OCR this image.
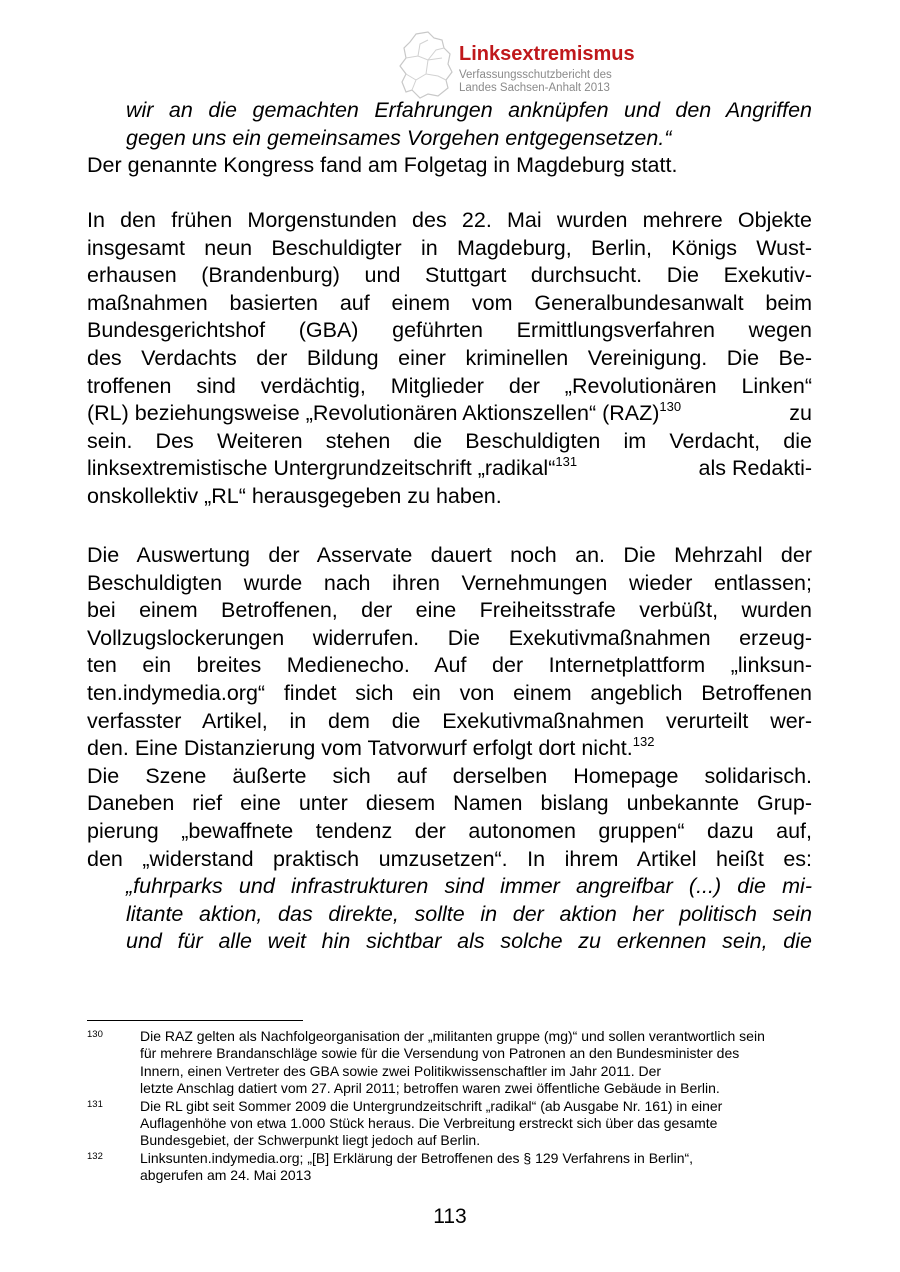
Linksextremismus
Verfassungsschutzbericht des
Landes Sachsen-Anhalt 2013
wir an die gemachten Erfahrungen anknüpfen und den Angriffen
gegen uns ein gemeinsames Vorgehen entgegensetzen.“
Der genannte Kongress fand am Folgetag in Magdeburg statt.
In den frühen Morgenstunden des 22. Mai wurden mehrere Objekte
insgesamt neun Beschuldigter in Magdeburg, Berlin, Königs Wust-
erhausen (Brandenburg) und Stuttgart durchsucht. Die Exekutiv-
maßnahmen basierten auf einem vom Generalbundesanwalt beim
Bundesgerichtshof (GBA) geführten Ermittlungsverfahren wegen
des Verdachts der Bildung einer kriminellen Vereinigung. Die Be-
troffenen sind verdächtig, Mitglieder der „Revolutionären Linken“
(RL) beziehungsweise „Revolutionären Aktionszellen“ (RAZ)$^{130}$	zu
sein. Des Weiteren stehen die Beschuldigten im Verdacht, die
linksextremistische Untergrundzeitschrift „radikal“$^{131}$	als Redakti-
onskollektiv „RL“ herausgegeben zu haben.
Die Auswertung der Asservate dauert noch an. Die Mehrzahl der
Beschuldigten wurde nach ihren Vernehmungen wieder entlassen;
bei einem Betroffenen, der eine Freiheitsstrafe verbüßt, wurden
Vollzugslockerungen widerrufen. Die Exekutivmaßnahmen erzeug-
ten ein breites Medienecho. Auf der Internetplattform „linksun-
ten.indymedia.org“ findet sich ein von einem angeblich Betroffenen
verfasster Artikel, in dem die Exekutivmaßnahmen verurteilt wer-
den. Eine Distanzierung vom Tatvorwurf erfolgt dort nicht.$^{132}$
Die Szene äußerte sich auf derselben Homepage solidarisch.
Daneben rief eine unter diesem Namen bislang unbekannte Grup-
pierung „bewaffnete tendenz der autonomen gruppen“ dazu auf,
den „widerstand praktisch umzusetzen“. In ihrem Artikel heißt es:
„fuhrparks und infrastrukturen sind immer angreifbar (...) die mi-
litante aktion, das direkte, sollte in der aktion her politisch sein
und für alle weit hin sichtbar als solche zu erkennen sein, die
130	Die RAZ gelten als Nachfolgeorganisation der „militanten gruppe (mg)“ und sollen verantwortlich sein
für mehrere Brandanschläge sowie für die Versendung von Patronen an den Bundesminister des
Innern, einen Vertreter des GBA sowie zwei Politikwissenschaftler im Jahr 2011. Der
letzte Anschlag datiert vom 27. April 2011; betroffen waren zwei öffentliche Gebäude in Berlin.
131	Die RL gibt seit Sommer 2009 die Untergrundzeitschrift „radikal“ (ab Ausgabe Nr. 161) in einer
Auflagenhöhe von etwa 1.000 Stück heraus. Die Verbreitung erstreckt sich über das gesamte
Bundesgebiet, der Schwerpunkt liegt jedoch auf Berlin.
132	Linksunten.indymedia.org; „[B] Erklärung der Betroffenen des § 129 Verfahrens in Berlin“,
abgerufen am 24. Mai 2013
113
